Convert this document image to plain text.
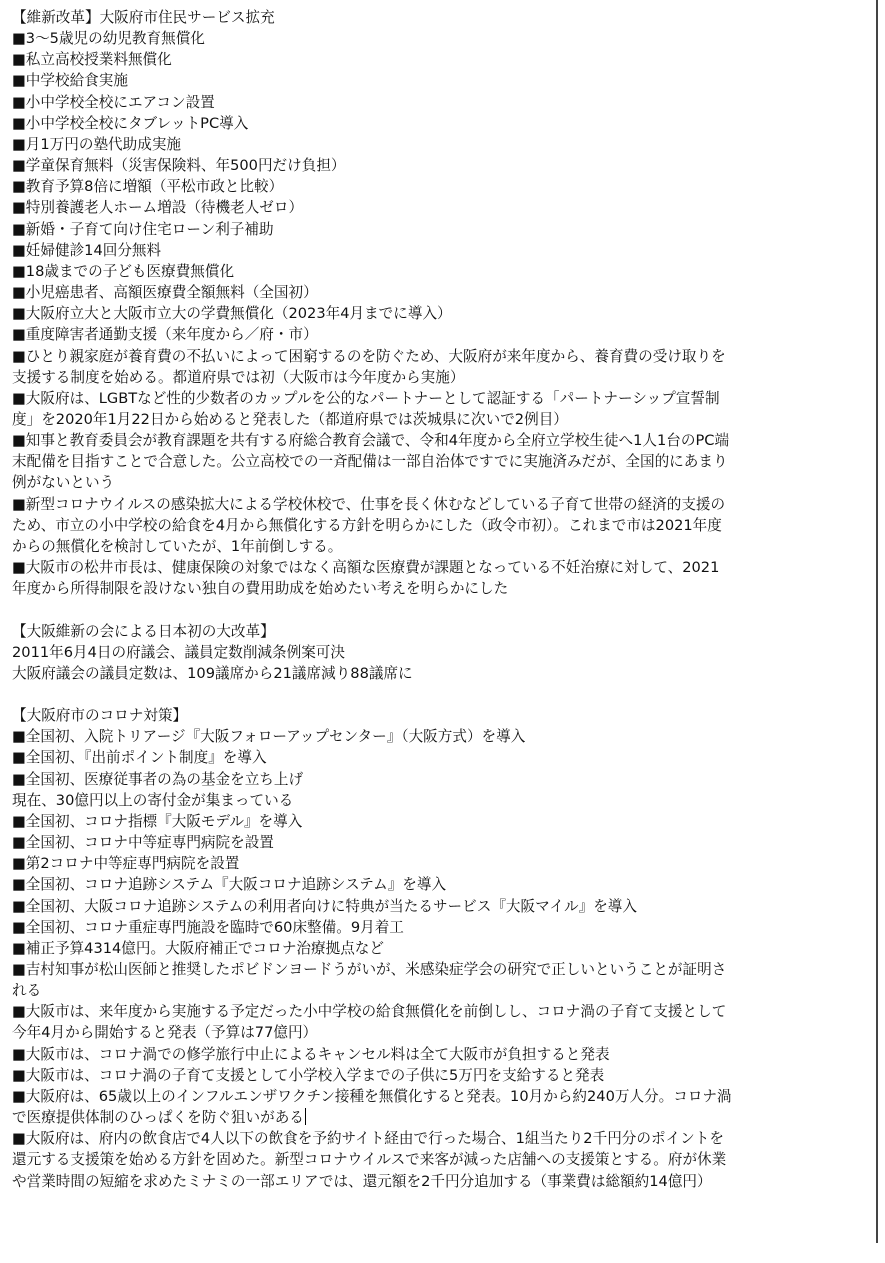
【維新改革】大阪府市住民サービス拡充
■3～5歳児の幼児教育無償化
■私立高校授業料無償化
■中学校給食実施
■小中学校全校にエアコン設置
■小中学校全校にタブレットPC導入
■月1万円の塾代助成実施
■学童保育無料（災害保険料、年500円だけ負担）
■教育予算8倍に増額（平松市政と比較）
■特別養護老人ホーム増設（待機老人ゼロ）
■新婚・子育て向け住宅ローン利子補助
■妊婦健診14回分無料
■18歳までの子ども医療費無償化
■小児癌患者、高額医療費全額無料（全国初）
■大阪府立大と大阪市立大の学費無償化（2023年4月までに導入）
■重度障害者通勤支援（来年度から／府・市）
■ひとり親家庭が養育費の不払いによって困窮するのを防ぐため、大阪府が来年度から、養育費の受け取りを
支援する制度を始める。都道府県では初（大阪市は今年度から実施）
■大阪府は、LGBTなど性的少数者のカップルを公的なパートナーとして認証する「パートナーシップ宣誓制
度」を2020年1月22日から始めると発表した（都道府県では茨城県に次いで2例目）
■知事と教育委員会が教育課題を共有する府総合教育会議で、令和4年度から全府立学校生徒へ1人1台のPC端
末配備を目指すことで合意した。公立高校での一斉配備は一部自治体ですでに実施済みだが、全国的にあまり
例がないという
■新型コロナウイルスの感染拡大による学校休校で、仕事を長く休むなどしている子育て世帯の経済的支援の
ため、市立の小中学校の給食を4月から無償化する方針を明らかにした（政令市初）。これまで市は2021年度
からの無償化を検討していたが、1年前倒しする。
■大阪市の松井市長は、健康保険の対象ではなく高額な医療費が課題となっている不妊治療に対して、2021
年度から所得制限を設けない独自の費用助成を始めたい考えを明らかにした
【大阪維新の会による日本初の大改革】
2011年6月4日の府議会、議員定数削減条例案可決
大阪府議会の議員定数は、109議席から21議席減り88議席に
【大阪府市のコロナ対策】
■全国初、入院トリアージ『大阪フォローアップセンター』（大阪方式）を導入
■全国初、『出前ポイント制度』を導入
■全国初、医療従事者の為の基金を立ち上げ
現在、30億円以上の寄付金が集まっている
■全国初、コロナ指標『大阪モデル』を導入
■全国初、コロナ中等症専門病院を設置
■第2コロナ中等症専門病院を設置
■全国初、コロナ追跡システム『大阪コロナ追跡システム』を導入
■全国初、大阪コロナ追跡システムの利用者向けに特典が当たるサービス『大阪マイル』を導入
■全国初、コロナ重症専門施設を臨時で60床整備。9月着工
■補正予算4314億円。大阪府補正でコロナ治療拠点など
■吉村知事が松山医師と推奨したポビドンヨードうがいが、米感染症学会の研究で正しいということが証明さ
れる
■大阪市は、来年度から実施する予定だった小中学校の給食無償化を前倒しし、コロナ渦の子育て支援として
今年4月から開始すると発表（予算は77億円）
■大阪市は、コロナ渦での修学旅行中止によるキャンセル料は全て大阪市が負担すると発表
■大阪市は、コロナ渦の子育て支援として小学校入学までの子供に5万円を支給すると発表
■大阪府は、65歳以上のインフルエンザワクチン接種を無償化すると発表。10月から約240万人分。コロナ渦
で医療提供体制のひっぱくを防ぐ狙いがある
■大阪府は、府内の飲食店で4人以下の飲食を予約サイト経由で行った場合、1組当たり2千円分のポイントを
還元する支援策を始める方針を固めた。新型コロナウイルスで来客が減った店舗への支援策とする。府が休業
や営業時間の短縮を求めたミナミの一部エリアでは、還元額を2千円分追加する（事業費は総額約14億円）
